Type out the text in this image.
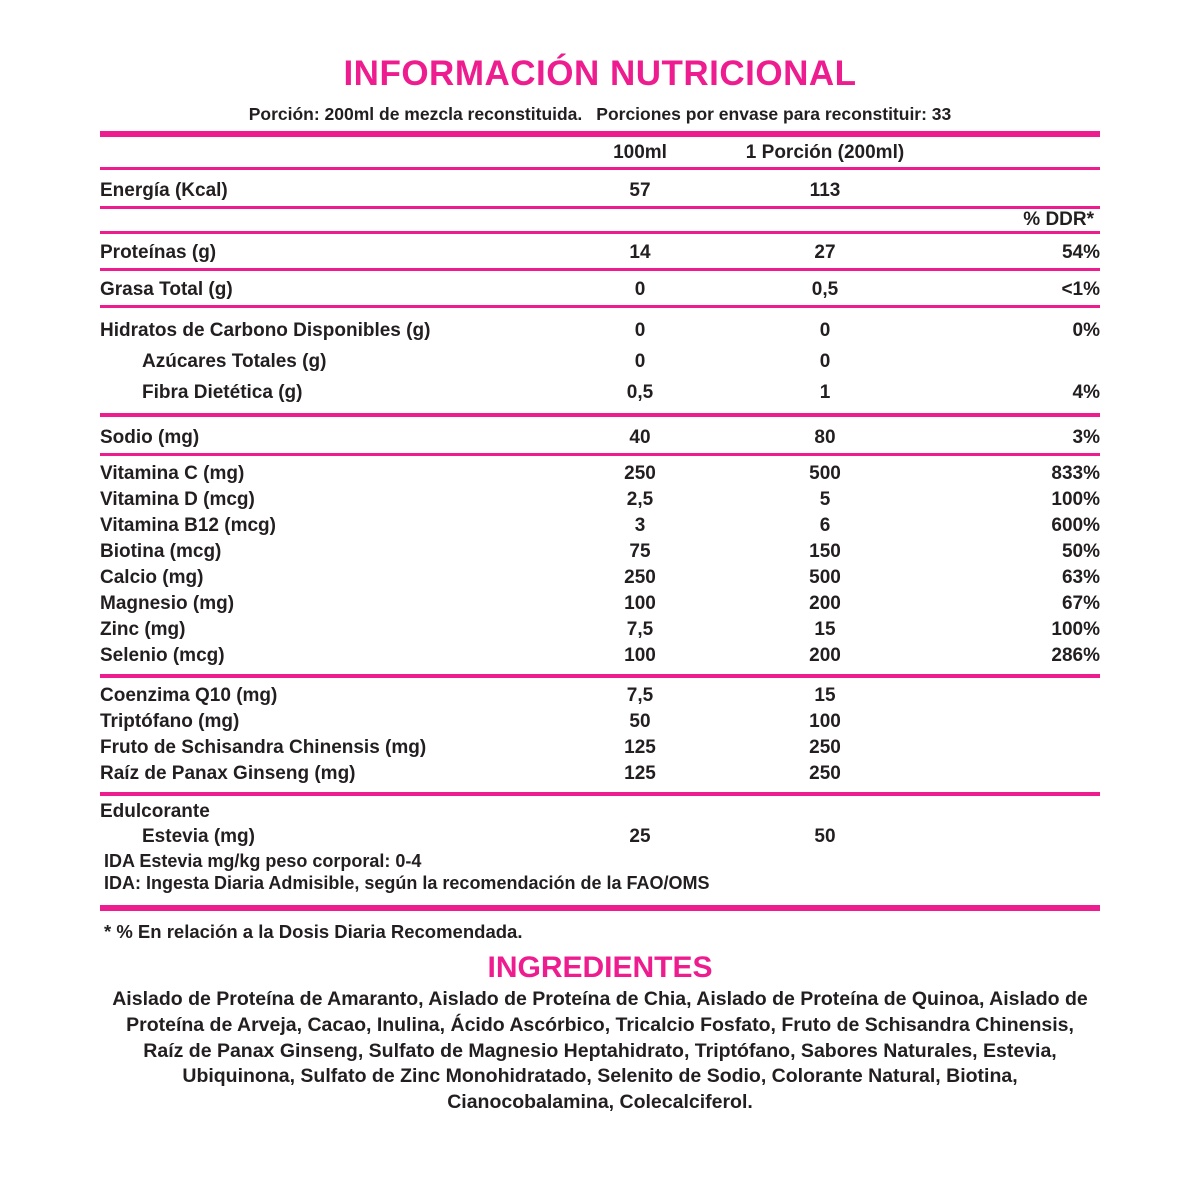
INFORMACIÓN NUTRICIONAL
Porción: 200ml de mezcla reconstituida. Porciones por envase para reconstituir: 33
	100ml	1 Porción (200ml)	
Energía (Kcal)	57	113	
			% DDR*
Proteínas (g)	14	27	54%
Grasa Total (g)	0	0,5	<1%
Hidratos de Carbono Disponibles (g)	0	0	0%
Azúcares Totales (g)	0	0	
Fibra Dietética (g)	0,5	1	4%
Sodio (mg)	40	80	3%
Vitamina C (mg)	250	500	833%
Vitamina D (mcg)	2,5	5	100%
Vitamina B12 (mcg)	3	6	600%
Biotina (mcg)	75	150	50%
Calcio (mg)	250	500	63%
Magnesio (mg)	100	200	67%
Zinc (mg)	7,5	15	100%
Selenio (mcg)	100	200	286%
Coenzima Q10 (mg)	7,5	15	
Triptófano (mg)	50	100	
Fruto de Schisandra Chinensis (mg)	125	250	
Raíz de Panax Ginseng (mg)	125	250	
Edulcorante			
Estevia (mg)	25	50	
IDA Estevia mg/kg peso corporal: 0-4
IDA: Ingesta Diaria Admisible, según la recomendación de la FAO/OMS
* % En relación a la Dosis Diaria Recomendada.
INGREDIENTES
Aislado de Proteína de Amaranto, Aislado de Proteína de Chia, Aislado de Proteína de Quinoa, Aislado de Proteína de Arveja, Cacao, Inulina, Ácido Ascórbico, Tricalcio Fosfato, Fruto de Schisandra Chinensis, Raíz de Panax Ginseng, Sulfato de Magnesio Heptahidrato, Triptófano, Sabores Naturales, Estevia, Ubiquinona, Sulfato de Zinc Monohidratado, Selenito de Sodio, Colorante Natural, Biotina, Cianocobalamina, Colecalciferol.
